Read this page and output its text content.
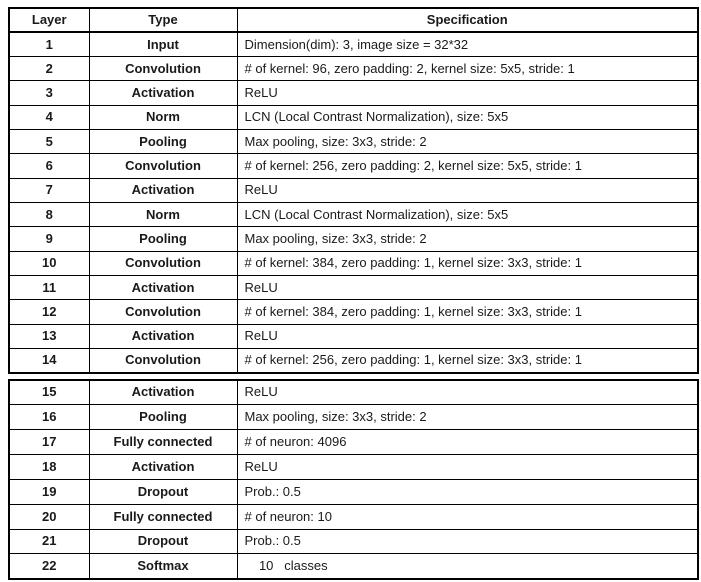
Layer	Type	Specification
1	Input	Dimension(dim): 3, image size = 32*32
2	Convolution	# of kernel: 96, zero padding: 2, kernel size: 5x5, stride: 1
3	Activation	ReLU
4	Norm	LCN (Local Contrast Normalization), size: 5x5
5	Pooling	Max pooling, size: 3x3, stride: 2
6	Convolution	# of kernel: 256, zero padding: 2, kernel size: 5x5, stride: 1
7	Activation	ReLU
8	Norm	LCN (Local Contrast Normalization), size: 5x5
9	Pooling	Max pooling, size: 3x3, stride: 2
10	Convolution	# of kernel: 384, zero padding: 1, kernel size: 3x3, stride: 1
11	Activation	ReLU
12	Convolution	# of kernel: 384, zero padding: 1, kernel size: 3x3, stride: 1
13	Activation	ReLU
14	Convolution	# of kernel: 256, zero padding: 1, kernel size: 3x3, stride: 1
15	Activation	ReLU
16	Pooling	Max pooling, size: 3x3, stride: 2
17	Fully connected	# of neuron: 4096
18	Activation	ReLU
19	Dropout	Prob.: 0.5
20	Fully connected	# of neuron: 10
21	Dropout	Prob.: 0.5
22	Softmax	10   classes
